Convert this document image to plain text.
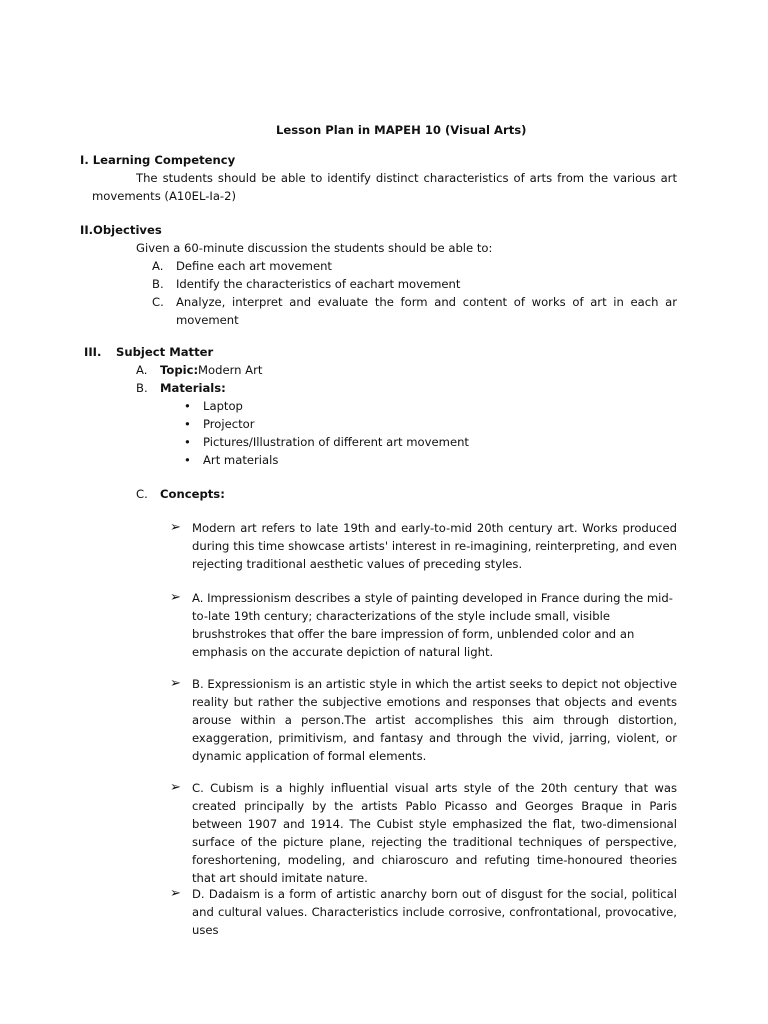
Lesson Plan in MAPEH 10 (Visual Arts)
I. Learning Competency

The students should be able to identify distinct characteristics of arts from the various art movements (A10EL-Ia-2)

II.Objectives
Given a 60-minute discussion the students should be able to:
A. Define each art movement
B. Identify the characteristics of eachart movement
C. Analyze, interpret and evaluate the form and content of works of art in each ar movement

III. Subject Matter
A. Topic: Modern Art
B. Materials:
• Laptop
• Projector
• Pictures/Illustration of different art movement
• Art materials
C. Concepts:
➢ Modern art refers to late 19th and early-to-mid 20th century art. Works produced during this time showcase artists' interest in re-imagining, reinterpreting, and even rejecting traditional aesthetic values of preceding styles.

➢ A. Impressionism describes a style of painting developed in France during the mid-to-late 19th century; characterizations of the style include small, visible brushstrokes that offer the bare impression of form, unblended color and an emphasis on the accurate depiction of natural light.

➢ B. Expressionism is an artistic style in which the artist seeks to depict not objective reality but rather the subjective emotions and responses that objects and events arouse within a person.The artist accomplishes this aim through distortion, exaggeration, primitivism, and fantasy and through the vivid, jarring, violent, or dynamic application of formal elements.

➢ C. Cubism is a highly influential visual arts style of the 20th century that was created principally by the artists Pablo Picasso and Georges Braque in Paris between 1907 and 1914. The Cubist style emphasized the flat, two-dimensional surface of the picture plane, rejecting the traditional techniques of perspective, foreshortening, modeling, and chiaroscuro and refuting time-honoured theories that art should imitate nature.

➢ D. Dadaism is a form of artistic anarchy born out of disgust for the social, political and cultural values. Characteristics include corrosive, confrontational, provocative, uses
